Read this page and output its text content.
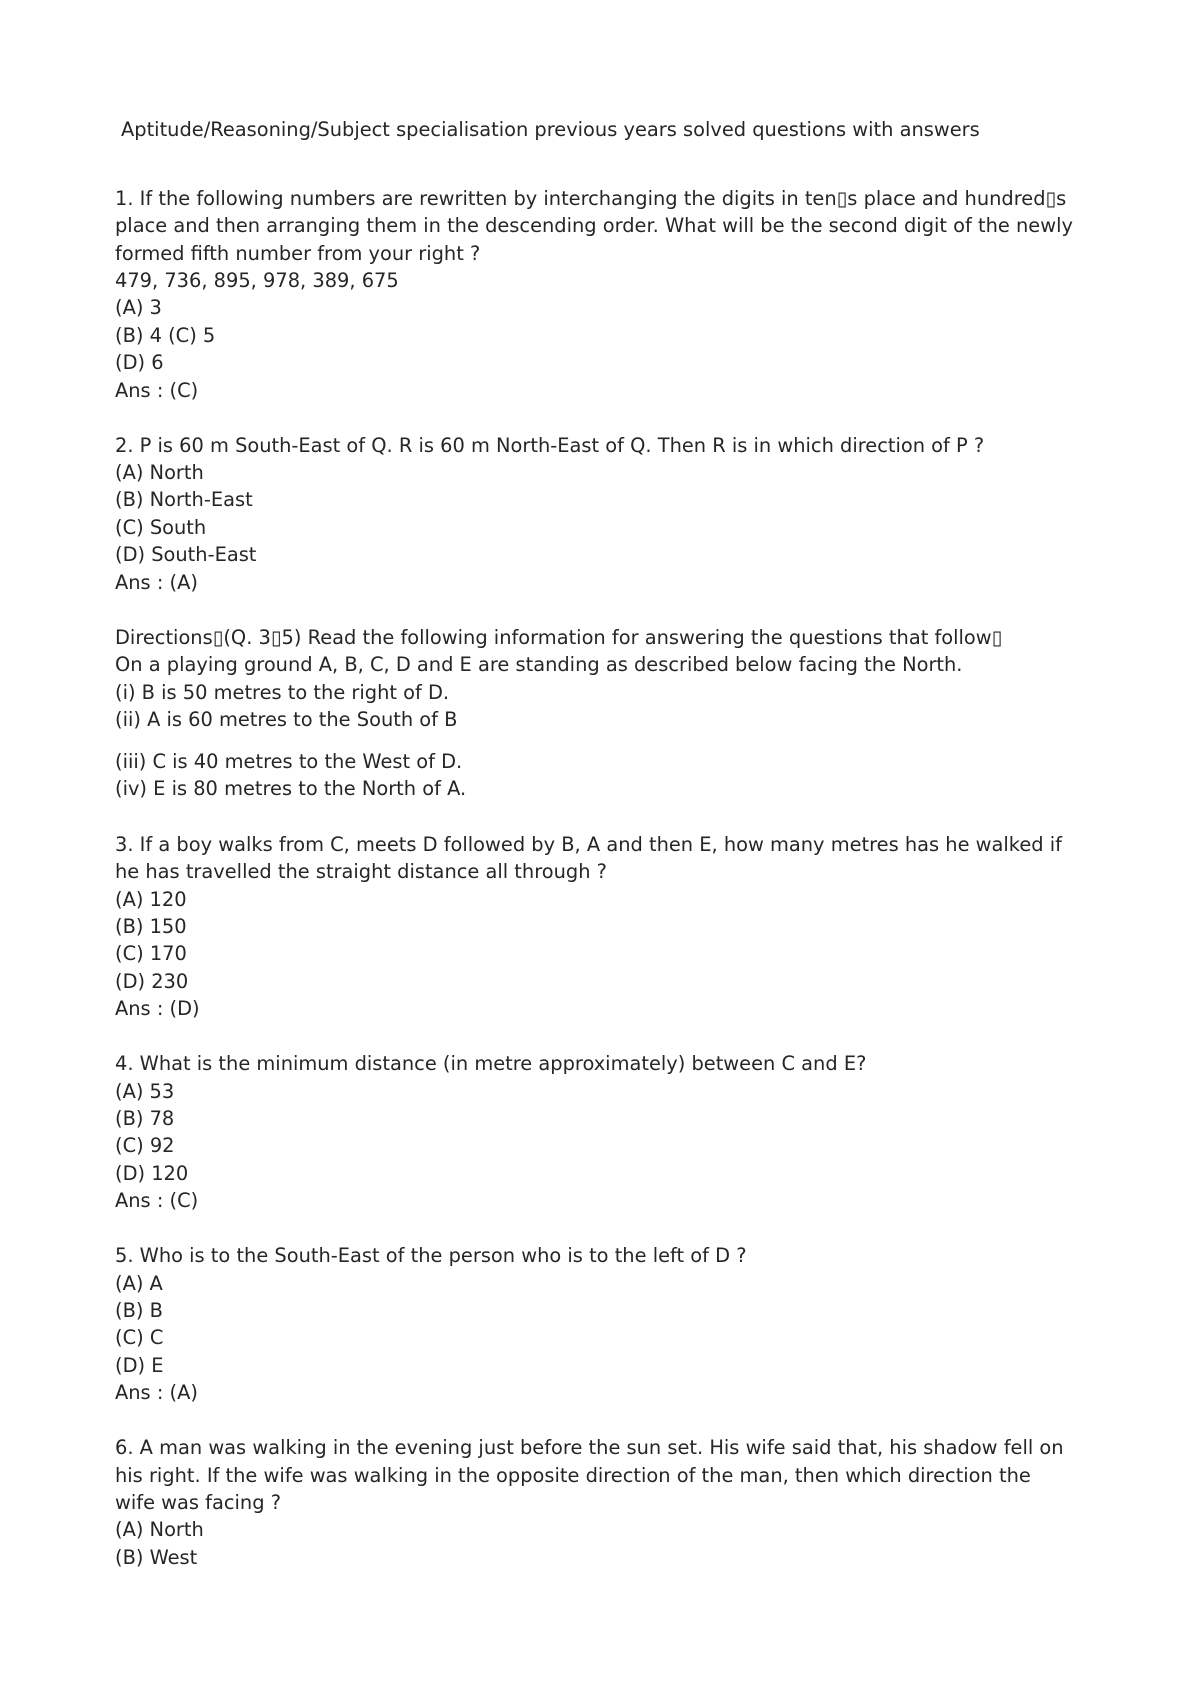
Aptitude/Reasoning/Subject specialisation previous years solved questions with answers
1. If the following numbers are rewritten by interchanging the digits in ten▯s place and hundred▯s
place and then arranging them in the descending order. What will be the second digit of the newly
formed fifth number from your right ?
479, 736, 895, 978, 389, 675
(A) 3
(B) 4 (C) 5
(D) 6
Ans : (C)
2. P is 60 m South-East of Q. R is 60 m North-East of Q. Then R is in which direction of P ?
(A) North
(B) North-East
(C) South
(D) South-East
Ans : (A)
Directions▯(Q. 3▯5) Read the following information for answering the questions that follow▯
On a playing ground A, B, C, D and E are standing as described below facing the North.
(i) B is 50 metres to the right of D.
(ii) A is 60 metres to the South of B
(iii) C is 40 metres to the West of D.
(iv) E is 80 metres to the North of A.
3. If a boy walks from C, meets D followed by B, A and then E, how many metres has he walked if
he has travelled the straight distance all through ?
(A) 120
(B) 150
(C) 170
(D) 230
Ans : (D)
4. What is the minimum distance (in metre approximately) between C and E?
(A) 53
(B) 78
(C) 92
(D) 120
Ans : (C)
5. Who is to the South-East of the person who is to the left of D ?
(A) A
(B) B
(C) C
(D) E
Ans : (A)
6. A man was walking in the evening just before the sun set. His wife said that, his shadow fell on
his right. If the wife was walking in the opposite direction of the man, then which direction the
wife was facing ?
(A) North
(B) West
